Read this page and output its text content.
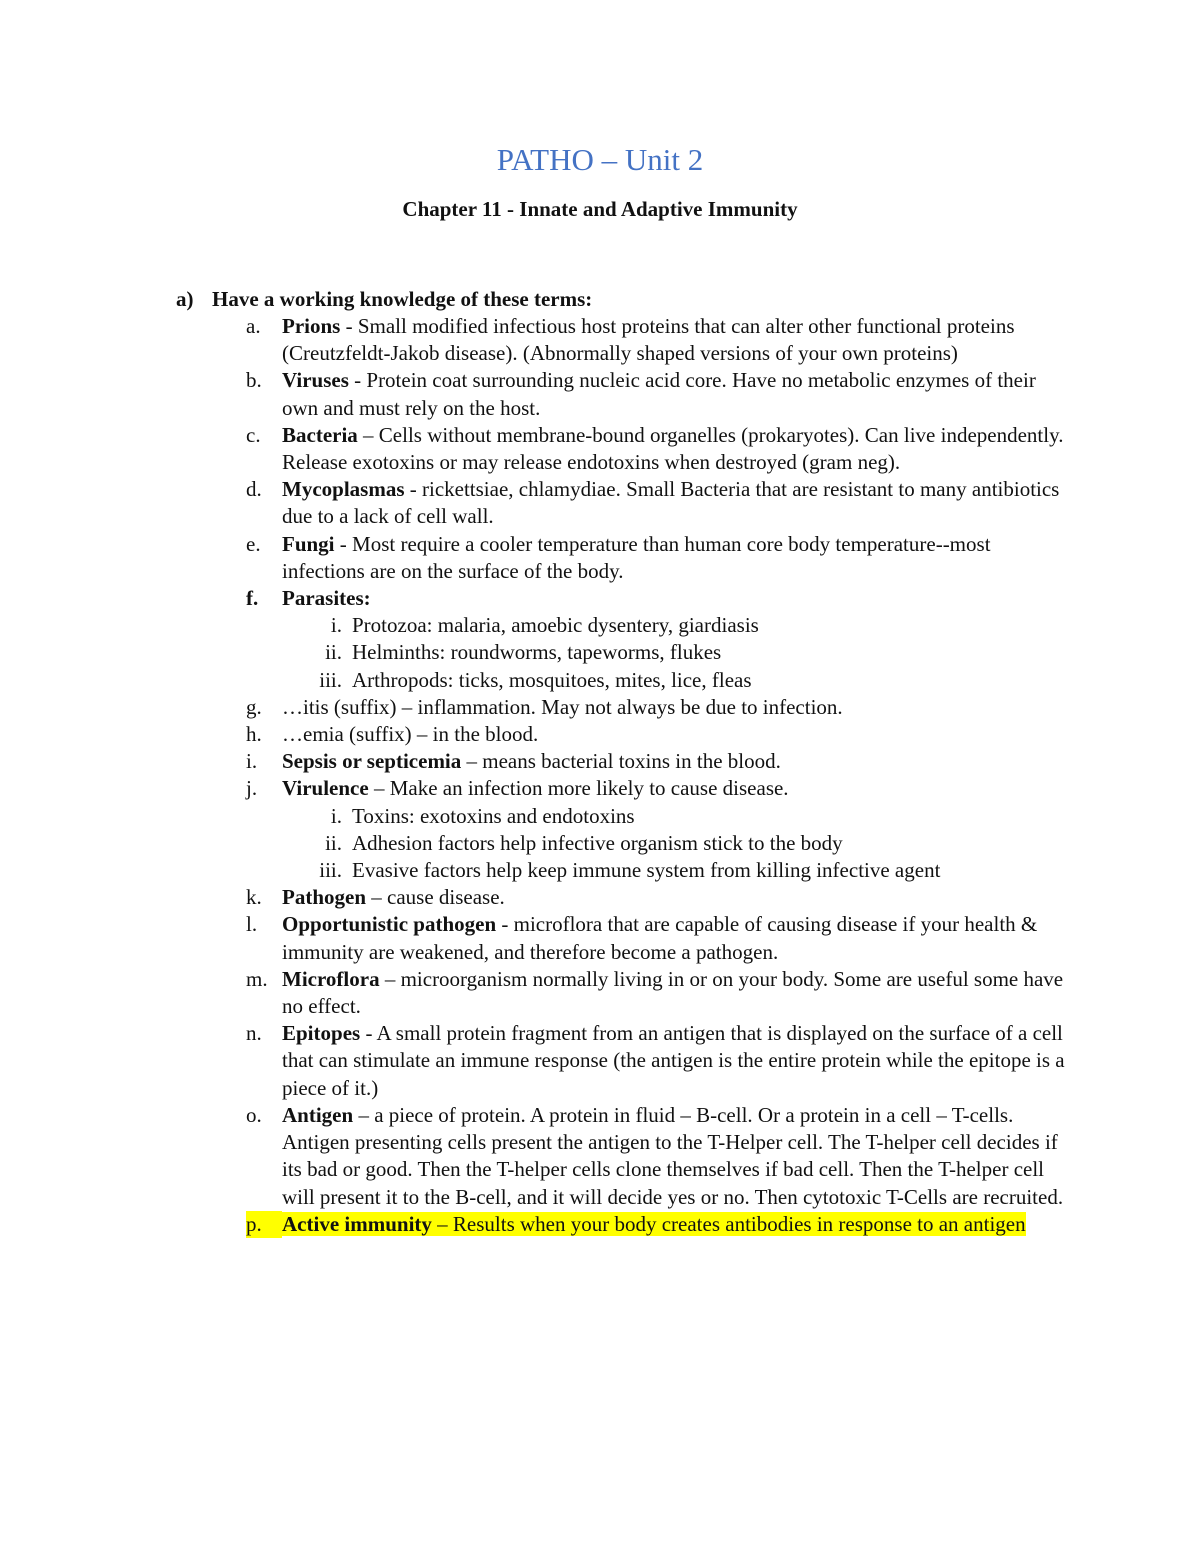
PATHO – Unit 2
Chapter 11 - Innate and Adaptive Immunity
a) Have a working knowledge of these terms:
a. Prions - Small modified infectious host proteins that can alter other functional proteins (Creutzfeldt-Jakob disease). (Abnormally shaped versions of your own proteins)
b. Viruses - Protein coat surrounding nucleic acid core. Have no metabolic enzymes of their own and must rely on the host.
c. Bacteria – Cells without membrane-bound organelles (prokaryotes). Can live independently. Release exotoxins or may release endotoxins when destroyed (gram neg).
d. Mycoplasmas - rickettsiae, chlamydiae. Small Bacteria that are resistant to many antibiotics due to a lack of cell wall.
e. Fungi - Most require a cooler temperature than human core body temperature--most infections are on the surface of the body.
f. Parasites:
i. Protozoa: malaria, amoebic dysentery, giardiasis
ii. Helminths: roundworms, tapeworms, flukes
iii. Arthropods: ticks, mosquitoes, mites, lice, fleas
g. …itis (suffix) – inflammation. May not always be due to infection.
h. …emia (suffix) – in the blood.
i. Sepsis or septicemia – means bacterial toxins in the blood.
j. Virulence – Make an infection more likely to cause disease.
i. Toxins: exotoxins and endotoxins
ii. Adhesion factors help infective organism stick to the body
iii. Evasive factors help keep immune system from killing infective agent
k. Pathogen – cause disease.
l. Opportunistic pathogen - microflora that are capable of causing disease if your health & immunity are weakened, and therefore become a pathogen.
m. Microflora – microorganism normally living in or on your body. Some are useful some have no effect.
n. Epitopes - A small protein fragment from an antigen that is displayed on the surface of a cell that can stimulate an immune response (the antigen is the entire protein while the epitope is a piece of it.)
o. Antigen – a piece of protein. A protein in fluid – B-cell. Or a protein in a cell – T-cells. Antigen presenting cells present the antigen to the T-Helper cell. The T-helper cell decides if its bad or good. Then the T-helper cells clone themselves if bad cell. Then the T-helper cell will present it to the B-cell, and it will decide yes or no. Then cytotoxic T-Cells are recruited.
p. Active immunity – Results when your body creates antibodies in response to an antigen
